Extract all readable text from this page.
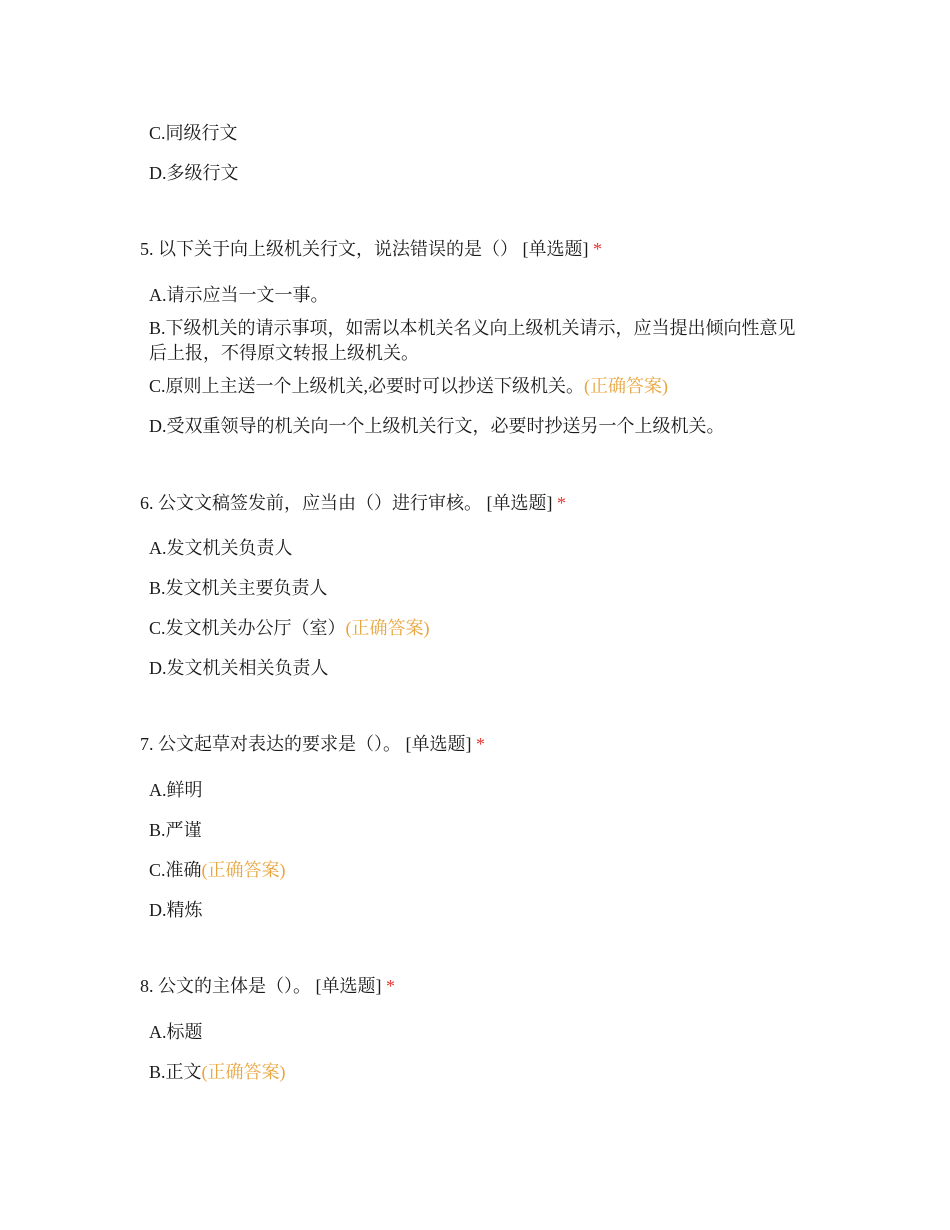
C.同级行文
D.多级行文
5. 以下关于向上级机关行文，说法错误的是（） [单选题] *
A.请示应当一文一事。
B.下级机关的请示事项，如需以本机关名义向上级机关请示，应当提出倾向性意见后上报，不得原文转报上级机关。
C.原则上主送一个上级机关,必要时可以抄送下级机关。(正确答案)
D.受双重领导的机关向一个上级机关行文，必要时抄送另一个上级机关。
6. 公文文稿签发前，应当由（）进行审核。 [单选题] *
A.发文机关负责人
B.发文机关主要负责人
C.发文机关办公厅（室）(正确答案)
D.发文机关相关负责人
7. 公文起草对表达的要求是（）。 [单选题] *
A.鲜明
B.严谨
C.准确(正确答案)
D.精炼
8. 公文的主体是（）。 [单选题] *
A.标题
B.正文(正确答案)
